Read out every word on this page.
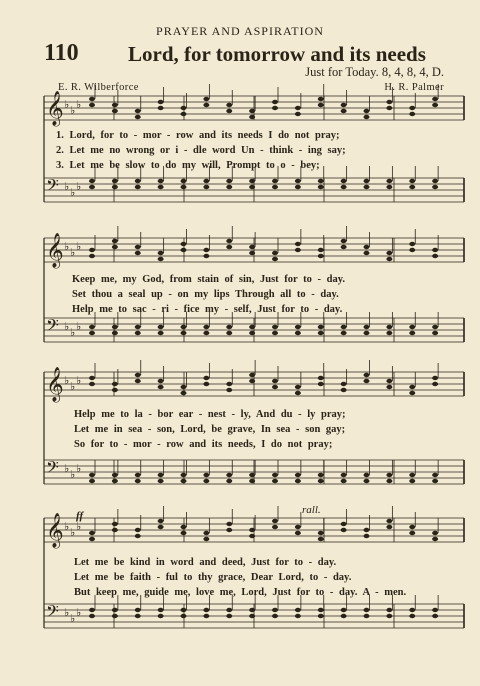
PRAYER AND ASPIRATION
110 Lord, for tomorrow and its needs
Just for Today. 8, 4, 8, 4, D.
E. R. Wilberforce	H. R. Palmer
𝄞 ♭ ♭ ♭
𝄢 ♭ ♭ ♭
𝄞 ♭ ♭ ♭
𝄢 ♭ ♭ ♭
𝄞 ♭ ♭ ♭
𝄢 ♭ ♭ ♭
𝄞 ♭ ♭ ♭
𝄢 ♭ ♭ ♭
ff	rall.
1. Lord, for to - mor - row and its needs I do not pray;
2. Let me no wrong or i - dle word Un - think - ing say;
3. Let me be slow to do my will, Prompt to o - bey;
Keep me, my God, from stain of sin, Just for to - day.
Set thou a seal up - on my lips Through all to - day.
Help me to sac - ri - fice my - self, Just for to - day.
Help me to la - bor ear - nest - ly, And du - ly pray;
Let me in sea - son, Lord, be grave, In sea - son gay;
So for to - mor - row and its needs, I do not pray;
Let me be kind in word and deed, Just for to - day.
Let me be faith - ful to thy grace, Dear Lord, to - day.
But keep me, guide me, love me, Lord, Just for to - day. A - men.
